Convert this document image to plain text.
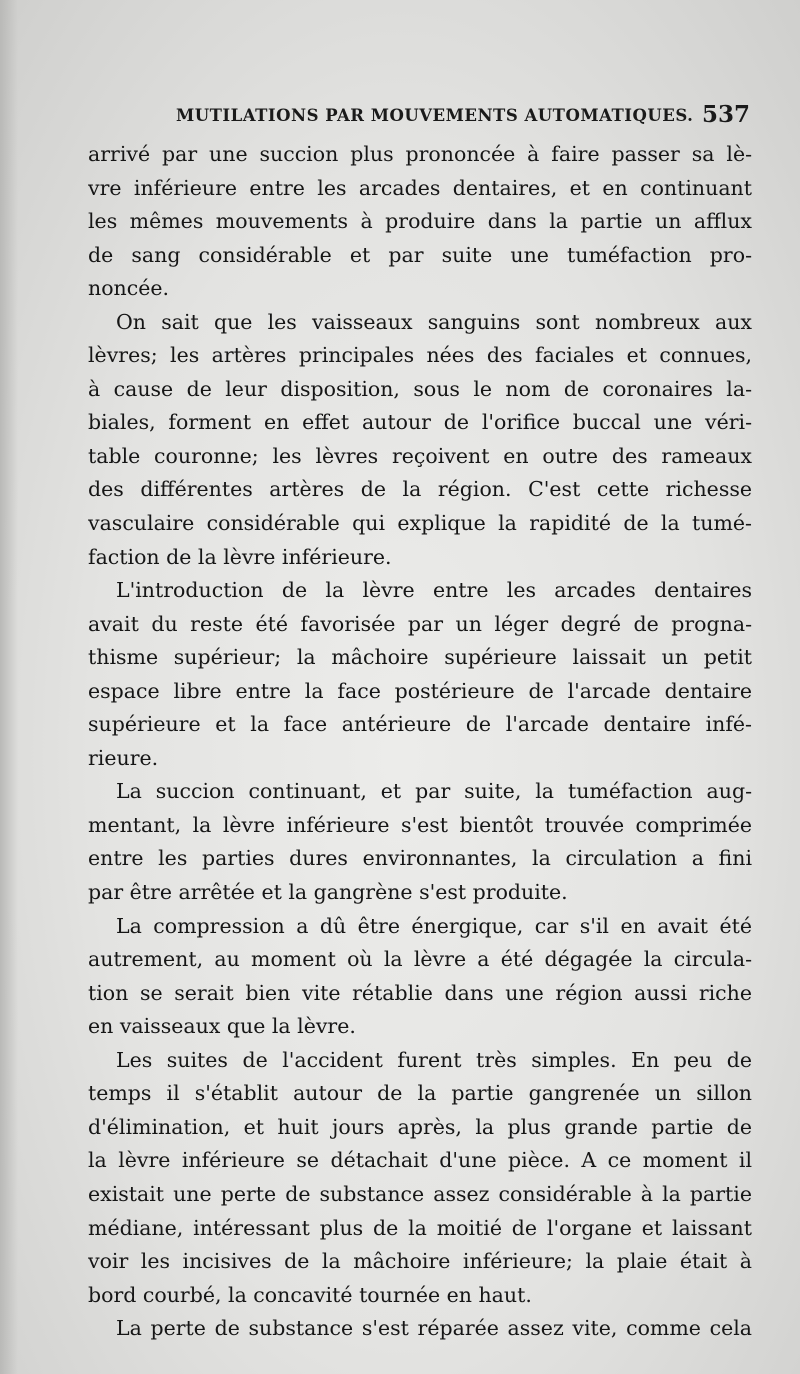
MUTILATIONS PAR MOUVEMENTS AUTOMATIQUES. 537
arrivé par une succion plus prononcée à faire passer sa lè-
vre inférieure entre les arcades dentaires, et en continuant
les mêmes mouvements à produire dans la partie un afflux
de sang considérable et par suite une tuméfaction pro-
noncée.
On sait que les vaisseaux sanguins sont nombreux aux
lèvres; les artères principales nées des faciales et connues,
à cause de leur disposition, sous le nom de coronaires la-
biales, forment en effet autour de l'orifice buccal une véri-
table couronne; les lèvres reçoivent en outre des rameaux
des différentes artères de la région. C'est cette richesse
vasculaire considérable qui explique la rapidité de la tumé-
faction de la lèvre inférieure.
L'introduction de la lèvre entre les arcades dentaires
avait du reste été favorisée par un léger degré de progna-
thisme supérieur; la mâchoire supérieure laissait un petit
espace libre entre la face postérieure de l'arcade dentaire
supérieure et la face antérieure de l'arcade dentaire infé-
rieure.
La succion continuant, et par suite, la tuméfaction aug-
mentant, la lèvre inférieure s'est bientôt trouvée comprimée
entre les parties dures environnantes, la circulation a fini
par être arrêtée et la gangrène s'est produite.
La compression a dû être énergique, car s'il en avait été
autrement, au moment où la lèvre a été dégagée la circula-
tion se serait bien vite rétablie dans une région aussi riche
en vaisseaux que la lèvre.
Les suites de l'accident furent très simples. En peu de
temps il s'établit autour de la partie gangrenée un sillon
d'élimination, et huit jours après, la plus grande partie de
la lèvre inférieure se détachait d'une pièce. A ce moment il
existait une perte de substance assez considérable à la partie
médiane, intéressant plus de la moitié de l'organe et laissant
voir les incisives de la mâchoire inférieure; la plaie était à
bord courbé, la concavité tournée en haut.
La perte de substance s'est réparée assez vite, comme cela
